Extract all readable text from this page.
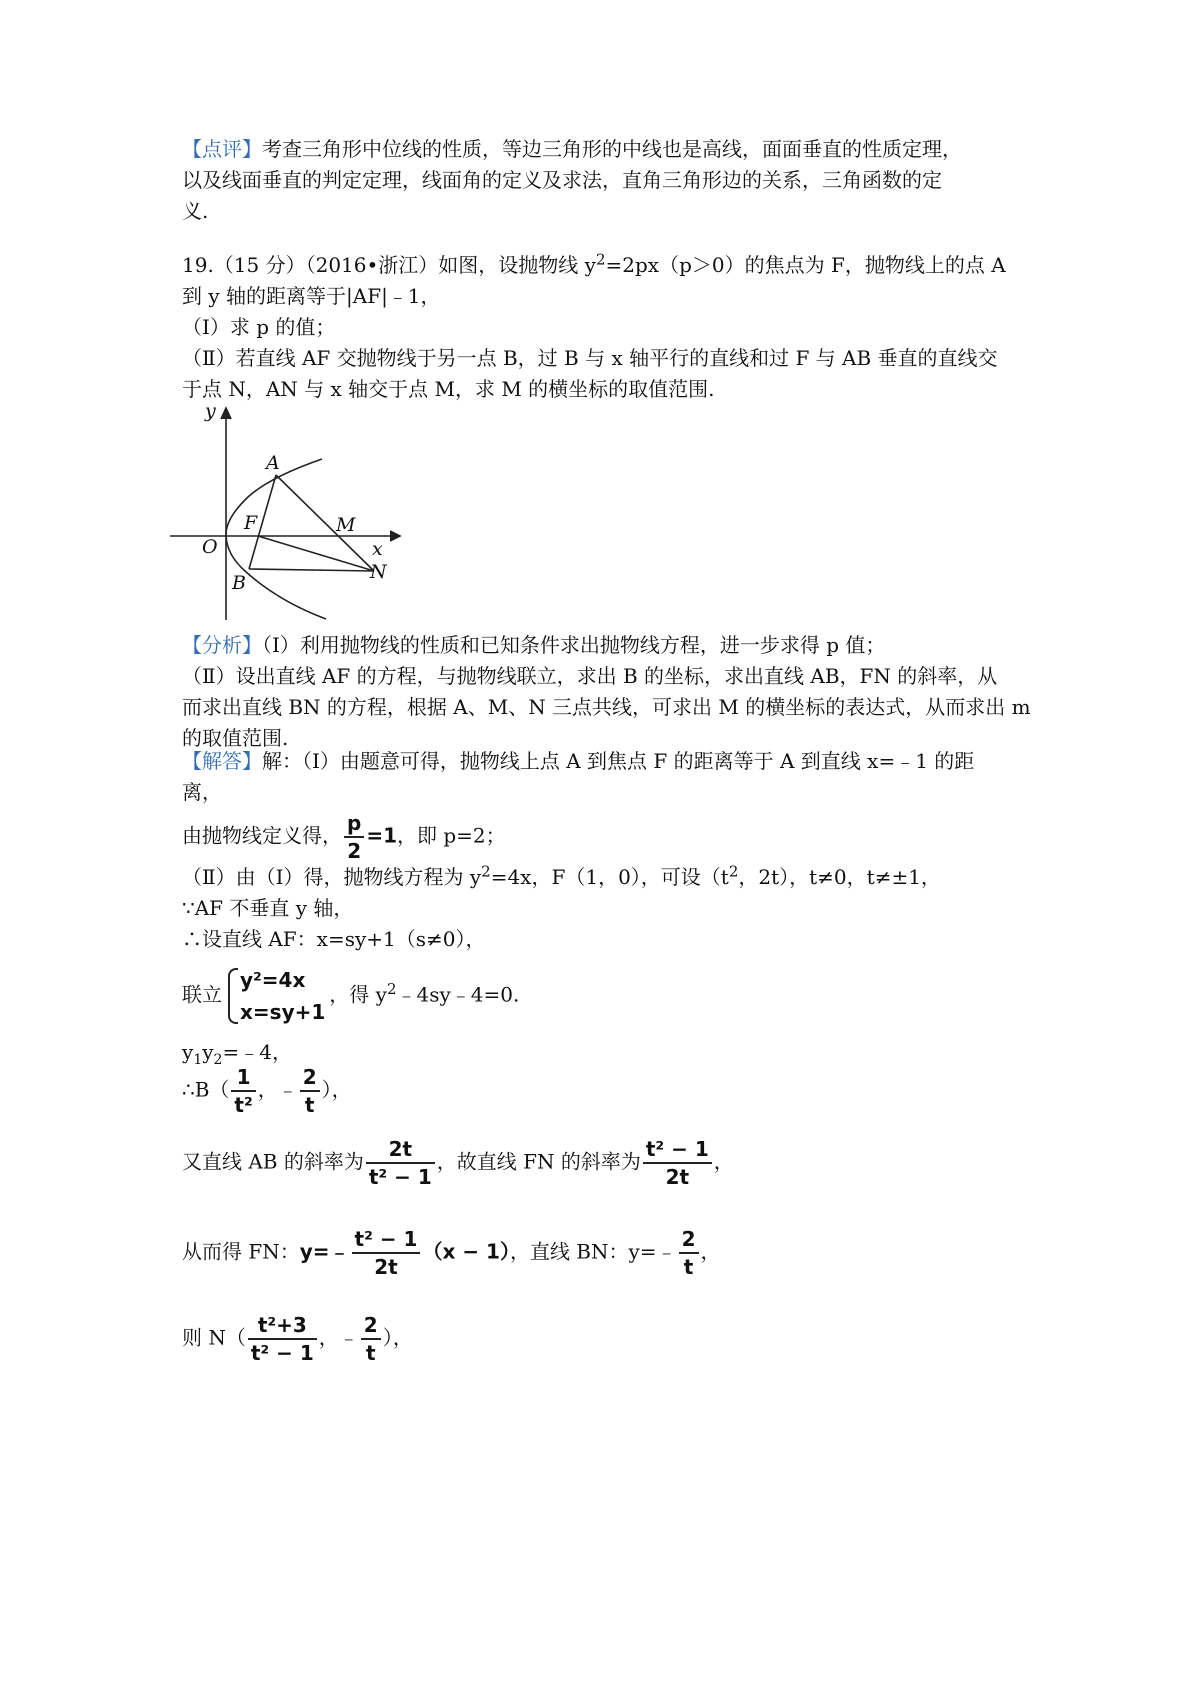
【点评】考查三角形中位线的性质，等边三角形的中线也是高线，面面垂直的性质定理，
以及线面垂直的判定定理，线面角的定义及求法，直角三角形边的关系，三角函数的定
义.
19.（15 分）（2016•浙江）如图，设抛物线 $y^2=2px(p>0)$的焦点为 F，抛物线上的点 A
到 y 轴的距离等于|AF|﹣1，
（Ⅰ）求 p 的值；
（Ⅱ）若直线 AF 交抛物线于另一点 B，过 B 与 x 轴平行的直线和过 F 与 AB 垂直的直线交
于点 N，AN 与 x 轴交于点 M，求 M 的横坐标的取值范围.
y
x
O
F
A
B
M
N
【分析】（Ⅰ）利用抛物线的性质和已知条件求出抛物线方程，进一步求得 p 值；
（Ⅱ）设出直线 AF 的方程，与抛物线联立，求出 B 的坐标，求出直线 AB，FN 的斜率，从
而求出直线 BN 的方程，根据 A、M、N 三点共线，可求出 M 的横坐标的表达式，从而求出 m
的取值范围.
【解答】解：（Ⅰ）由题意可得，抛物线上点 A 到焦点 F 的距离等于 A 到直线 x=﹣1 的距
离，
由抛物线定义得， $\frac{p}{2} =1$，即 p=2；
（Ⅱ）由（Ⅰ）得，抛物线方程为 $y^2=4x$，F（1，0），可设（$t^2$，2t），t≠0，t≠±1，
∵AF 不垂直 y 轴，
∴设直线 AF：x=sy+1（s≠0），
联立
y²=4x
x=sy+1
，得 $y^2﹣4sy﹣4=0$.
$y_1y_2=﹣4$，
∴B（ $\frac{1}{\text{t²}}$ ，﹣ $\frac{2}{t}$ ），
又直线 AB 的斜率为 $\frac{2t}{\text{t² − 1}}$ ，故直线 FN 的斜率为 $\frac{\text{t² − 1}}{2t}$ ，
从而得 FN：y=﹣ $\frac{\text{t² − 1}}{2t} (x - 1)$，直线 BN：y=﹣ $\frac{2}{t}$ ，
则 $N( \frac{\text{t²+3}}{\text{t² − 1}}$ ，﹣ $\frac{2}{t}$ ），
